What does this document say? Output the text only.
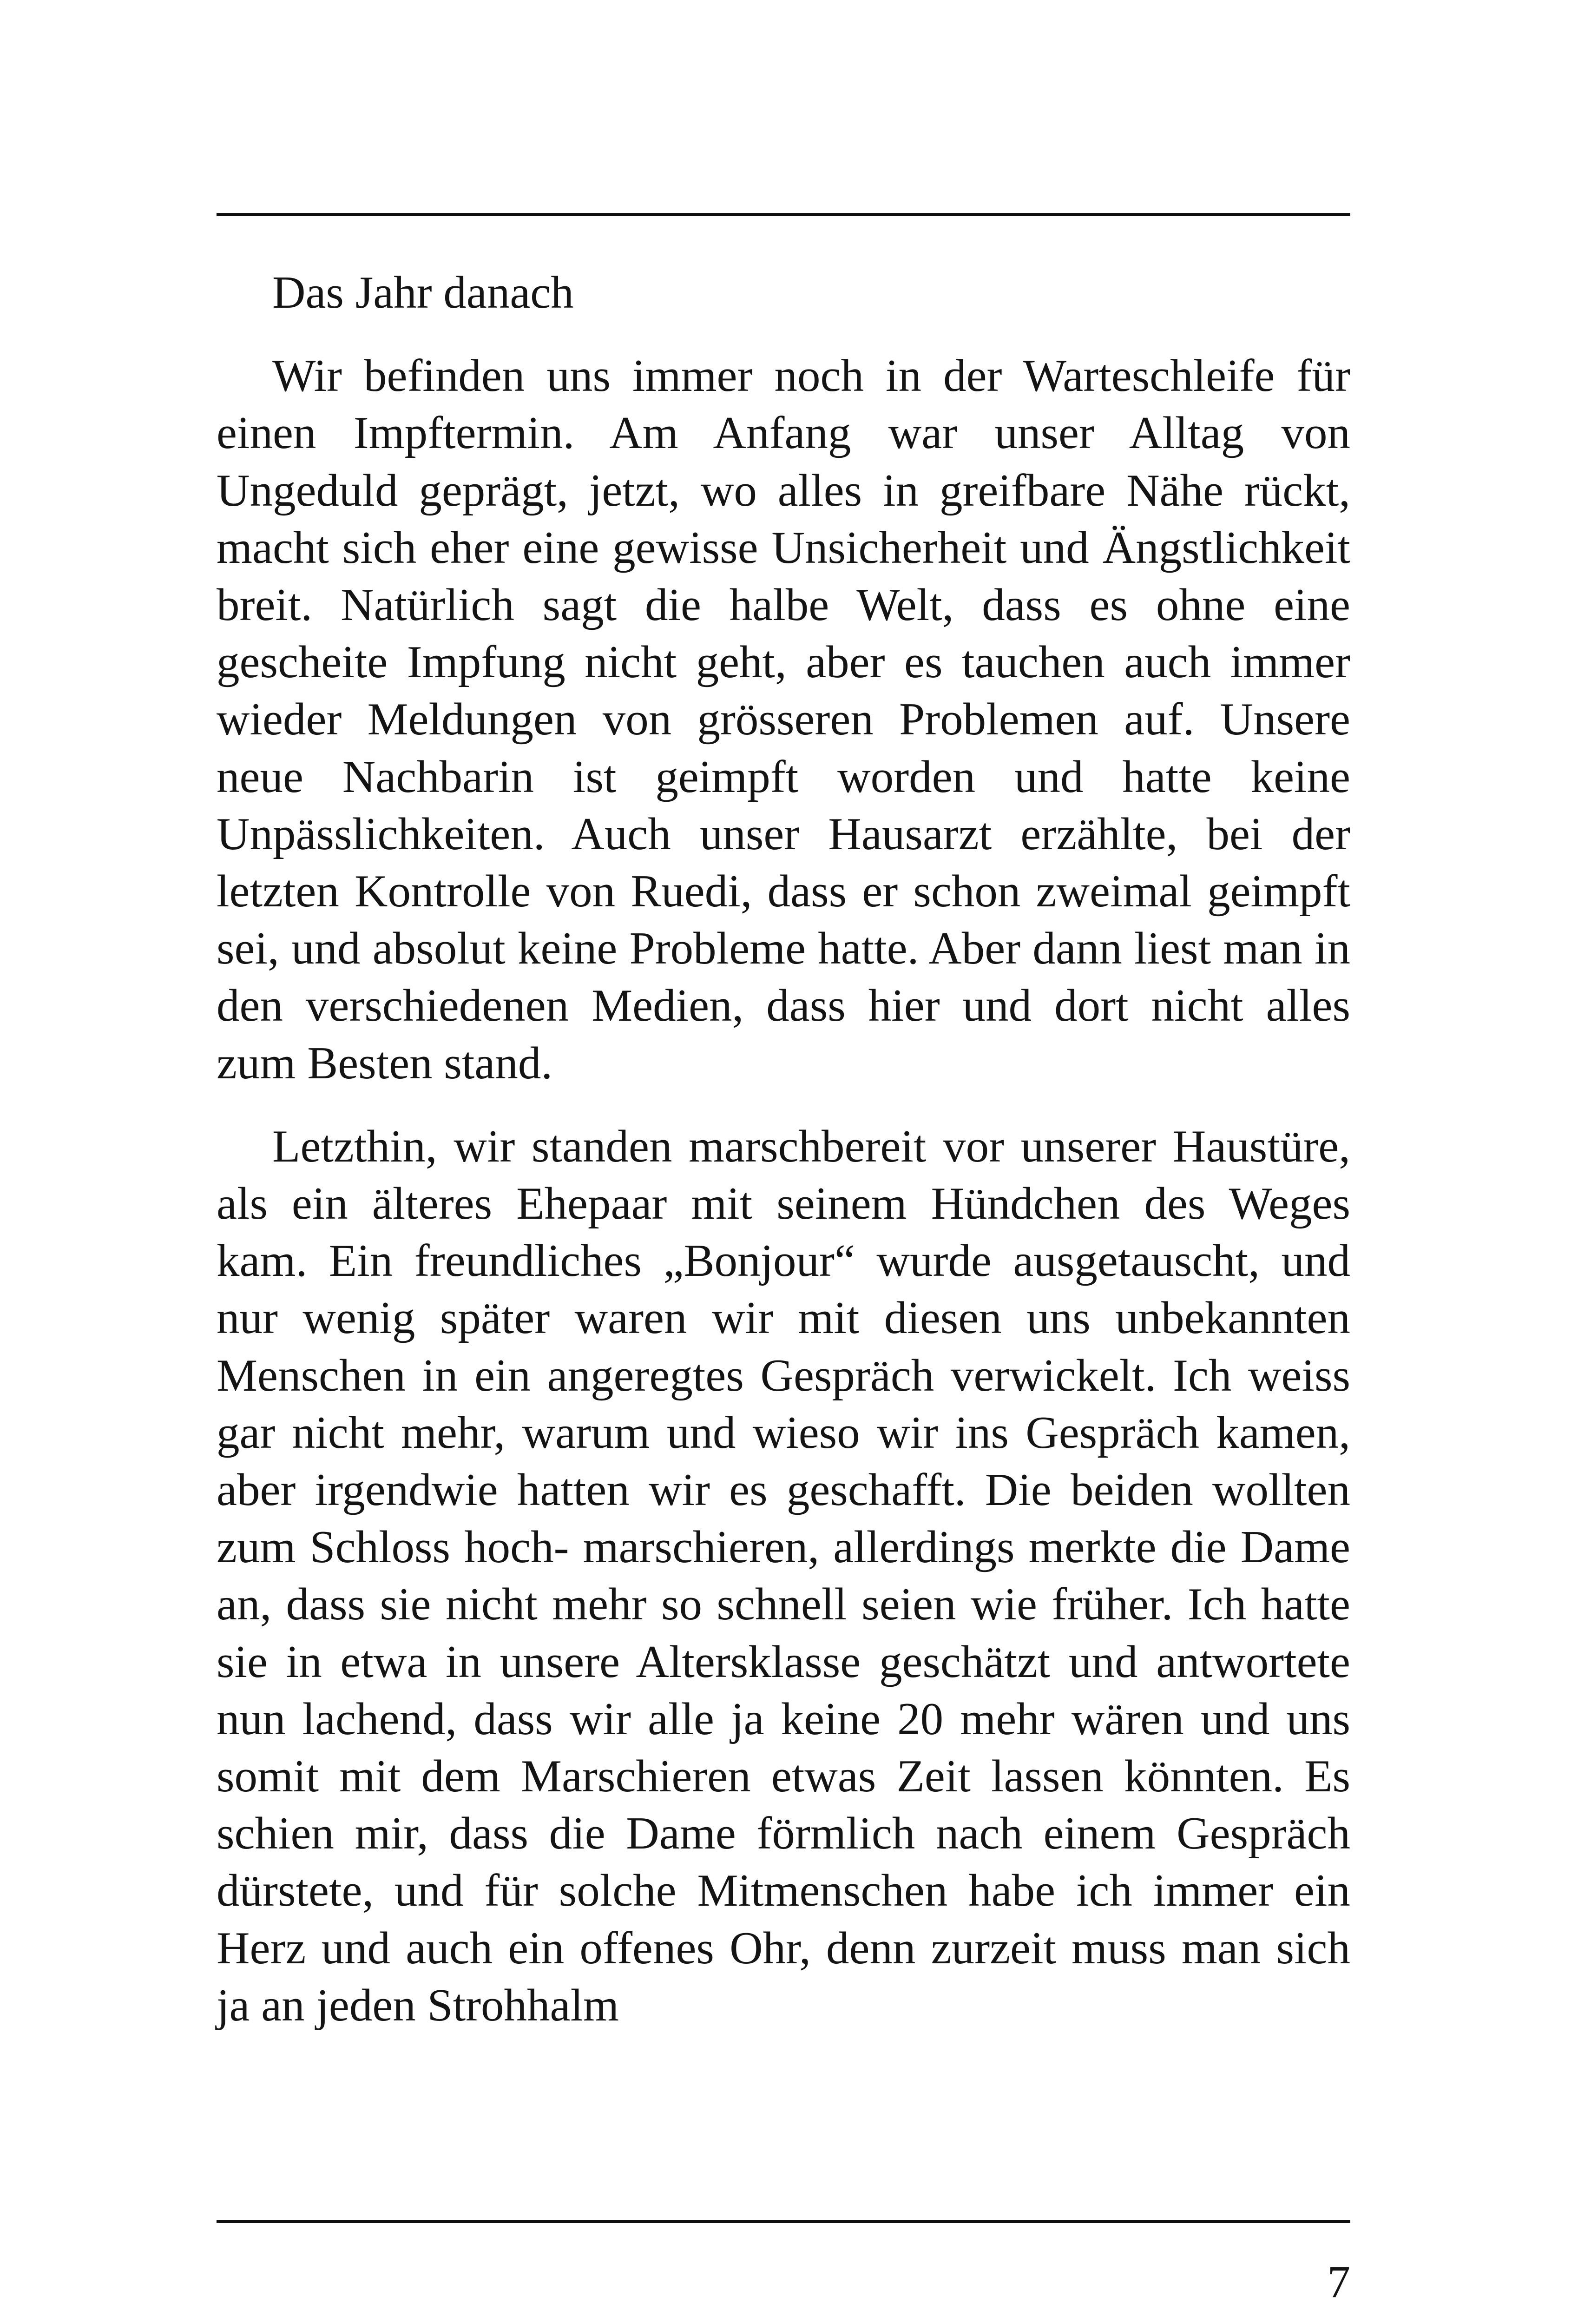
Das Jahr danach

Wir befinden uns immer noch in der Warteschleife für einen Impftermin. Am Anfang war unser Alltag von Ungeduld geprägt, jetzt, wo alles in greifbare Nähe rückt, macht sich eher eine gewisse Unsicherheit und Ängstlichkeit breit. Natürlich sagt die halbe Welt, dass es ohne eine gescheite Impfung nicht geht, aber es tauchen auch immer wieder Meldungen von grösseren Problemen auf. Unsere neue Nachbarin ist geimpft worden und hatte keine Unpässlichkeiten. Auch unser Hausarzt erzählte, bei der letzten Kontrolle von Ruedi, dass er schon zweimal geimpft sei, und absolut keine Probleme hatte. Aber dann liest man in den verschiedenen Medien, dass hier und dort nicht alles zum Besten stand.

Letzthin, wir standen marschbereit vor unserer Haustüre, als ein älteres Ehepaar mit seinem Hündchen des Weges kam. Ein freundliches „Bonjour“ wurde ausgetauscht, und nur wenig später waren wir mit diesen uns unbekannten Menschen in ein angeregtes Gespräch verwickelt. Ich weiss gar nicht mehr, warum und wieso wir ins Gespräch kamen, aber irgendwie hatten wir es geschafft. Die beiden wollten zum Schloss hoch- marschieren, allerdings merkte die Dame an, dass sie nicht mehr so schnell seien wie früher. Ich hatte sie in etwa in unsere Altersklasse geschätzt und antwortete nun lachend, dass wir alle ja keine 20 mehr wären und uns somit mit dem Marschieren etwas Zeit lassen könnten. Es schien mir, dass die Dame förmlich nach einem Gespräch dürstete, und für solche Mitmenschen habe ich immer ein Herz und auch ein offenes Ohr, denn zurzeit muss man sich ja an jeden Strohhalm

7
